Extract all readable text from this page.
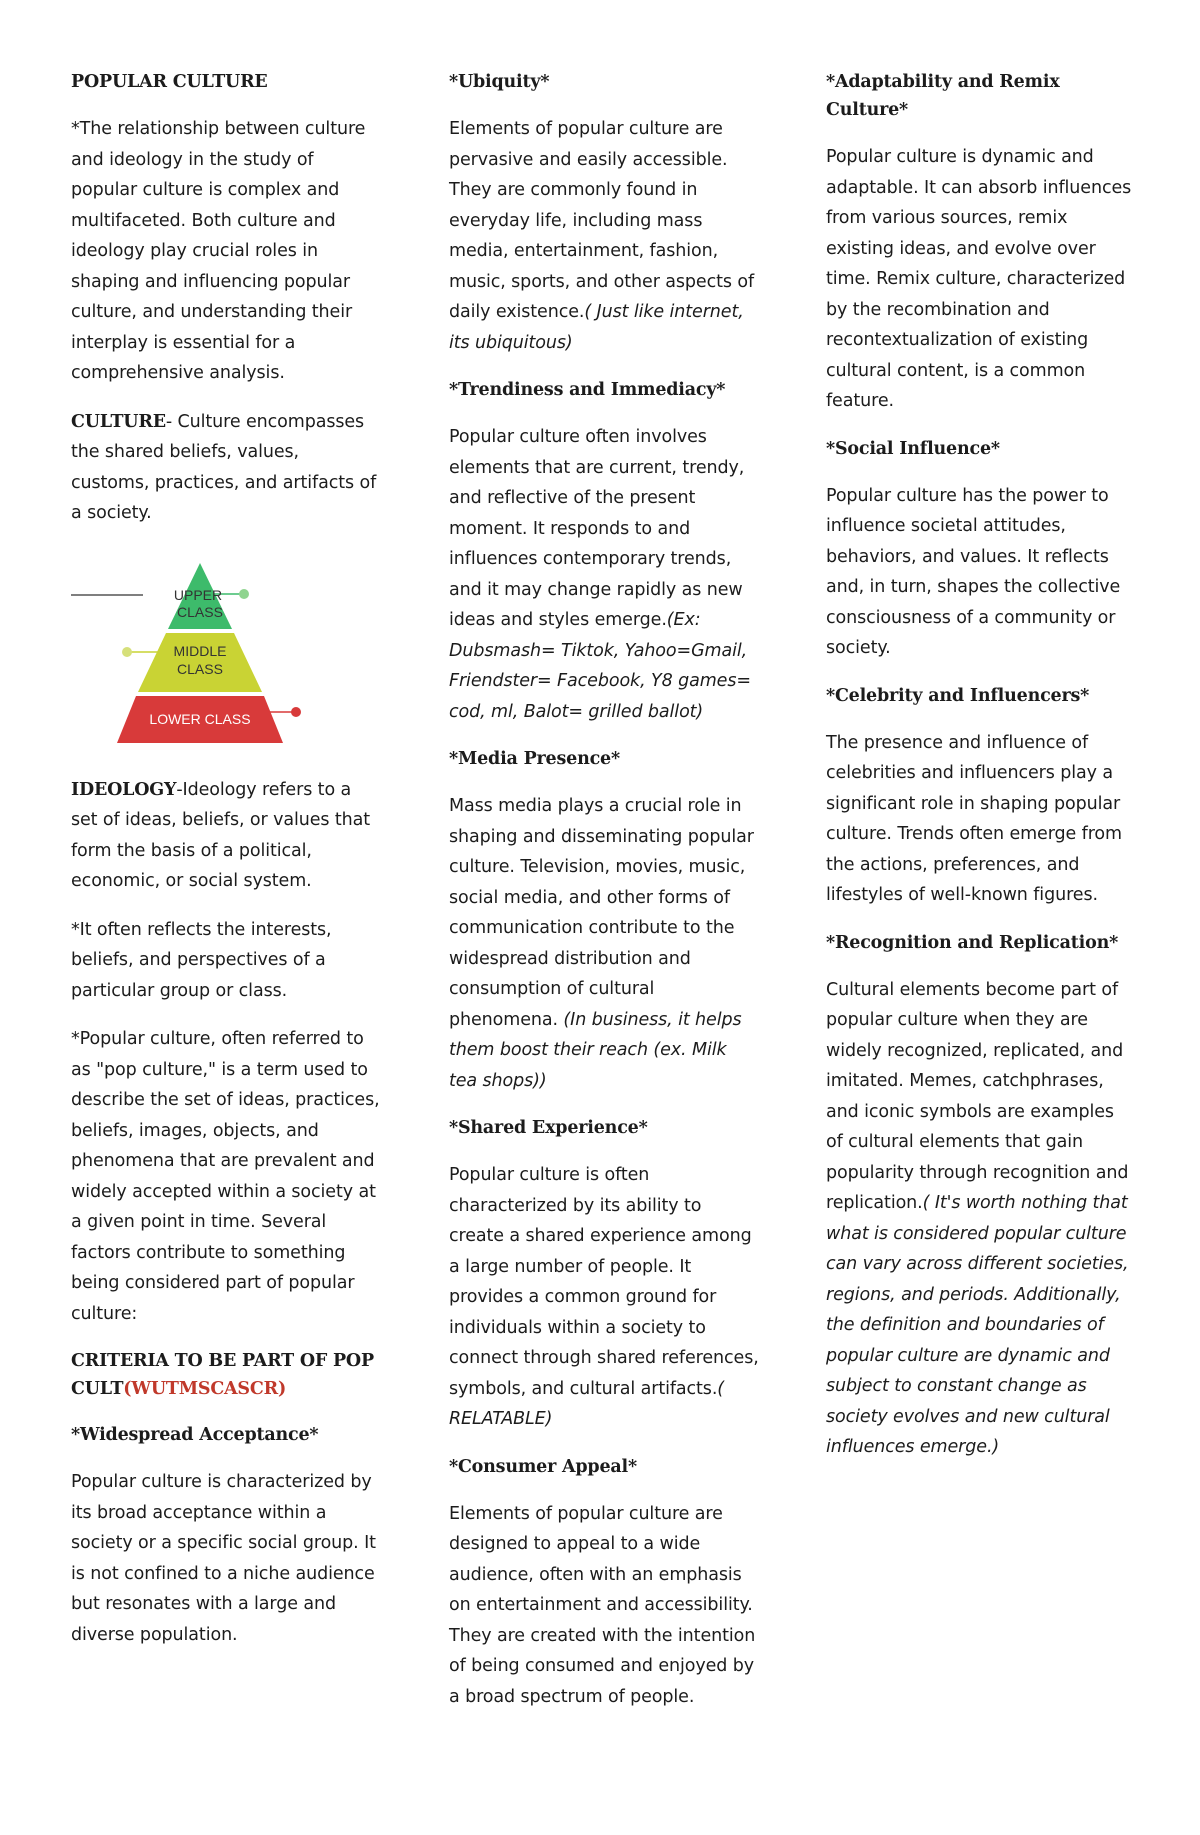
POPULAR CULTURE

*The relationship between culture and ideology in the study of popular culture is complex and multifaceted. Both culture and ideology play crucial roles in shaping and influencing popular culture, and understanding their interplay is essential for a comprehensive analysis.

CULTURE- Culture encompasses the shared beliefs, values, customs, practices, and artifacts of a society.

UPPER
CLASS
MIDDLE
CLASS
LOWER CLASS

IDEOLOGY-Ideology refers to a set of ideas, beliefs, or values that form the basis of a political, economic, or social system.

*It often reflects the interests, beliefs, and perspectives of a particular group or class.

*Popular culture, often referred to as "pop culture," is a term used to describe the set of ideas, practices, beliefs, images, objects, and phenomena that are prevalent and widely accepted within a society at a given point in time. Several factors contribute to something being considered part of popular culture:

CRITERIA TO BE PART OF POP CULT(WUTMSCASCR)
*Widespread Acceptance*

Popular culture is characterized by its broad acceptance within a society or a specific social group. It is not confined to a niche audience but resonates with a large and diverse population.

*Ubiquity*

Elements of popular culture are pervasive and easily accessible. They are commonly found in everyday life, including mass media, entertainment, fashion, music, sports, and other aspects of daily existence.( Just like internet, its ubiquitous)

*Trendiness and Immediacy*

Popular culture often involves elements that are current, trendy, and reflective of the present moment. It responds to and influences contemporary trends, and it may change rapidly as new ideas and styles emerge.(Ex: Dubsmash= Tiktok, Yahoo=Gmail, Friendster= Facebook, Y8 games= cod, ml, Balot= grilled ballot)

*Media Presence*

Mass media plays a crucial role in shaping and disseminating popular culture. Television, movies, music, social media, and other forms of communication contribute to the widespread distribution and consumption of cultural phenomena. (In business, it helps them boost their reach (ex. Milk tea shops))

*Shared Experience*

Popular culture is often characterized by its ability to create a shared experience among a large number of people. It provides a common ground for individuals within a society to connect through shared references, symbols, and cultural artifacts.( RELATABLE)

*Consumer Appeal*

Elements of popular culture are designed to appeal to a wide audience, often with an emphasis on entertainment and accessibility. They are created with the intention of being consumed and enjoyed by a broad spectrum of people.

*Adaptability and Remix Culture*

Popular culture is dynamic and adaptable. It can absorb influences from various sources, remix existing ideas, and evolve over time. Remix culture, characterized by the recombination and recontextualization of existing cultural content, is a common feature.

*Social Influence*

Popular culture has the power to influence societal attitudes, behaviors, and values. It reflects and, in turn, shapes the collective consciousness of a community or society.

*Celebrity and Influencers*

The presence and influence of celebrities and influencers play a significant role in shaping popular culture. Trends often emerge from the actions, preferences, and lifestyles of well-known figures.

*Recognition and Replication*

Cultural elements become part of popular culture when they are widely recognized, replicated, and imitated. Memes, catchphrases, and iconic symbols are examples of cultural elements that gain popularity through recognition and replication.( It's worth nothing that what is considered popular culture can vary across different societies, regions, and periods. Additionally, the definition and boundaries of popular culture are dynamic and subject to constant change as society evolves and new cultural influences emerge.)
